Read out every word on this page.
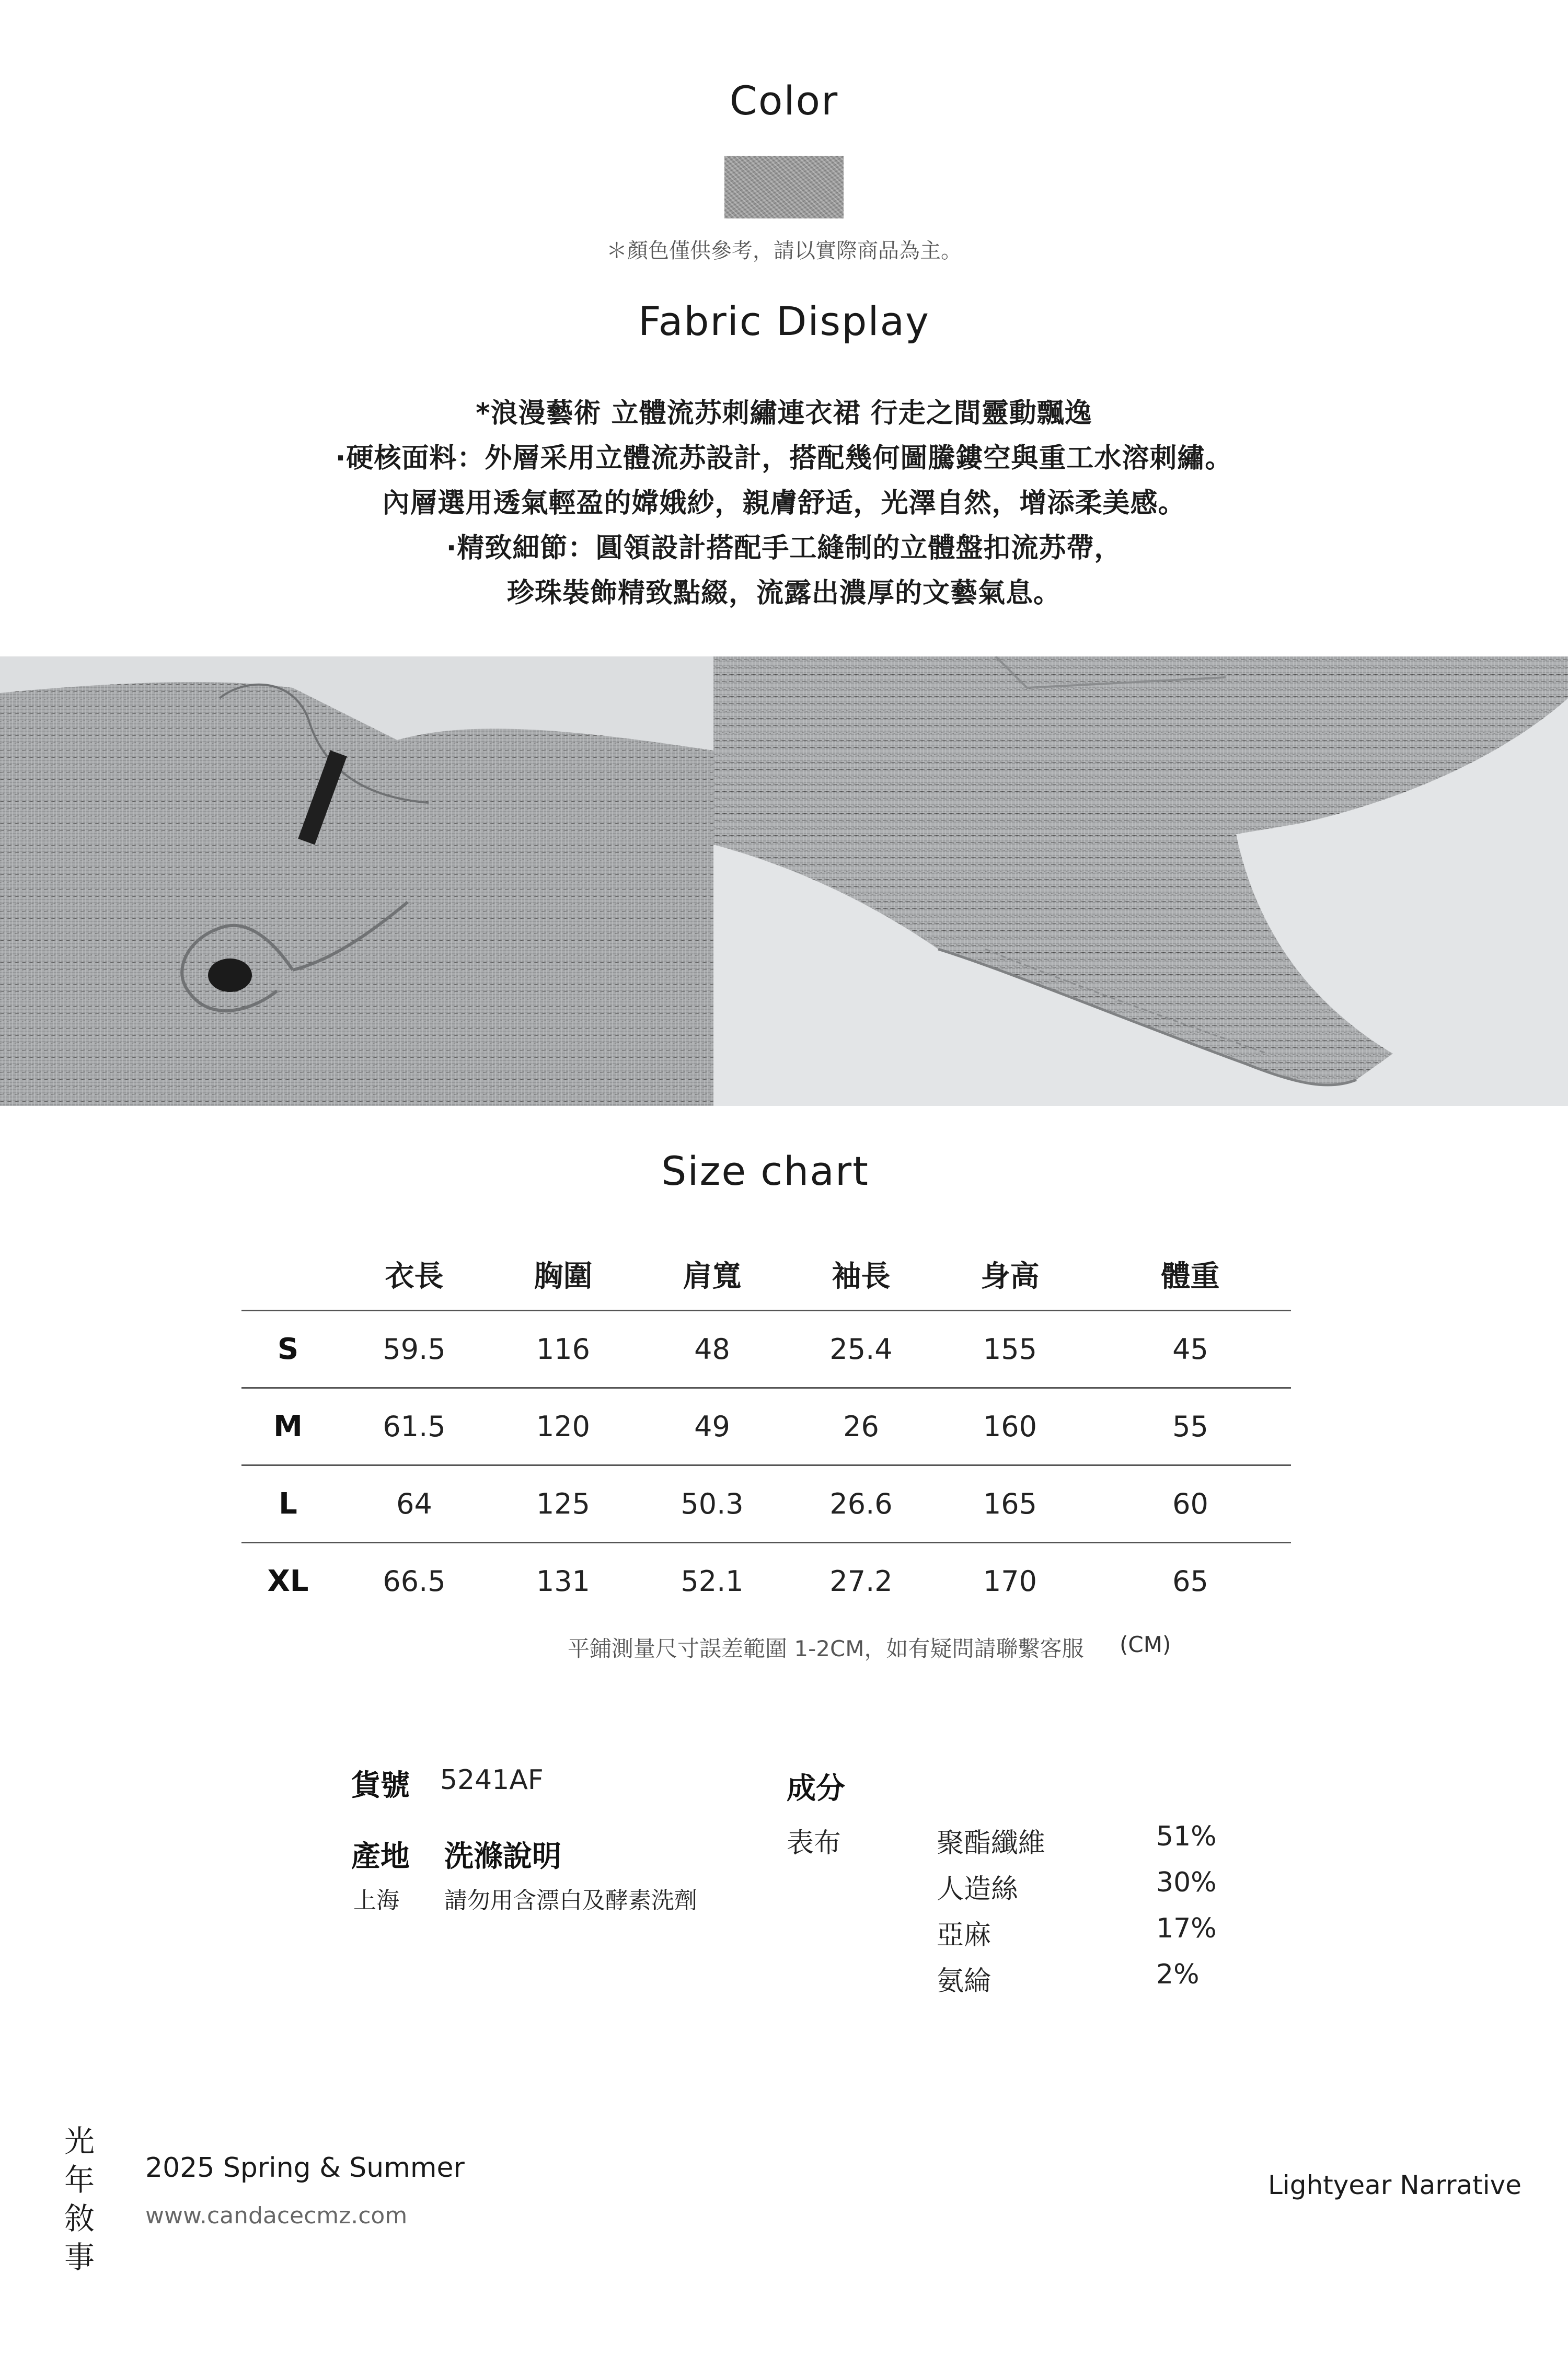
Color
＊顏色僅供參考，請以實際商品為主。
Fabric Display
*浪漫藝術 立體流苏刺繡連衣裙 行走之間靈動飄逸
·硬核面料：外層采用立體流苏設計，搭配幾何圖騰鏤空與重工水溶刺繡。
內層選用透氣輕盈的嫦娥紗，親膚舒适，光澤自然，增添柔美感。
·精致細節：圓領設計搭配手工縫制的立體盤扣流苏帶，
珍珠裝飾精致點綴，流露出濃厚的文藝氣息。
Size chart
	衣長	胸圍	肩寬	袖長	身高	體重
S	59.5	116	48	25.4	155	45
M	61.5	120	49	26	160	55
L	64	125	50.3	26.6	165	60
XL	66.5	131	52.1	27.2	170	65
平鋪測量尺寸誤差範圍 1-2CM，如有疑問請聯繫客服 (CM)
貨號 5241AF
產地 洗滌說明
上海 請勿用含漂白及酵素洗劑
成分
表布	聚酯纖維	51%
人造絲	30%
亞麻	17%
氨綸	2%
光
年
敘
事
2025 Spring & Summer
www.candacecmz.com
Lightyear Narrative
